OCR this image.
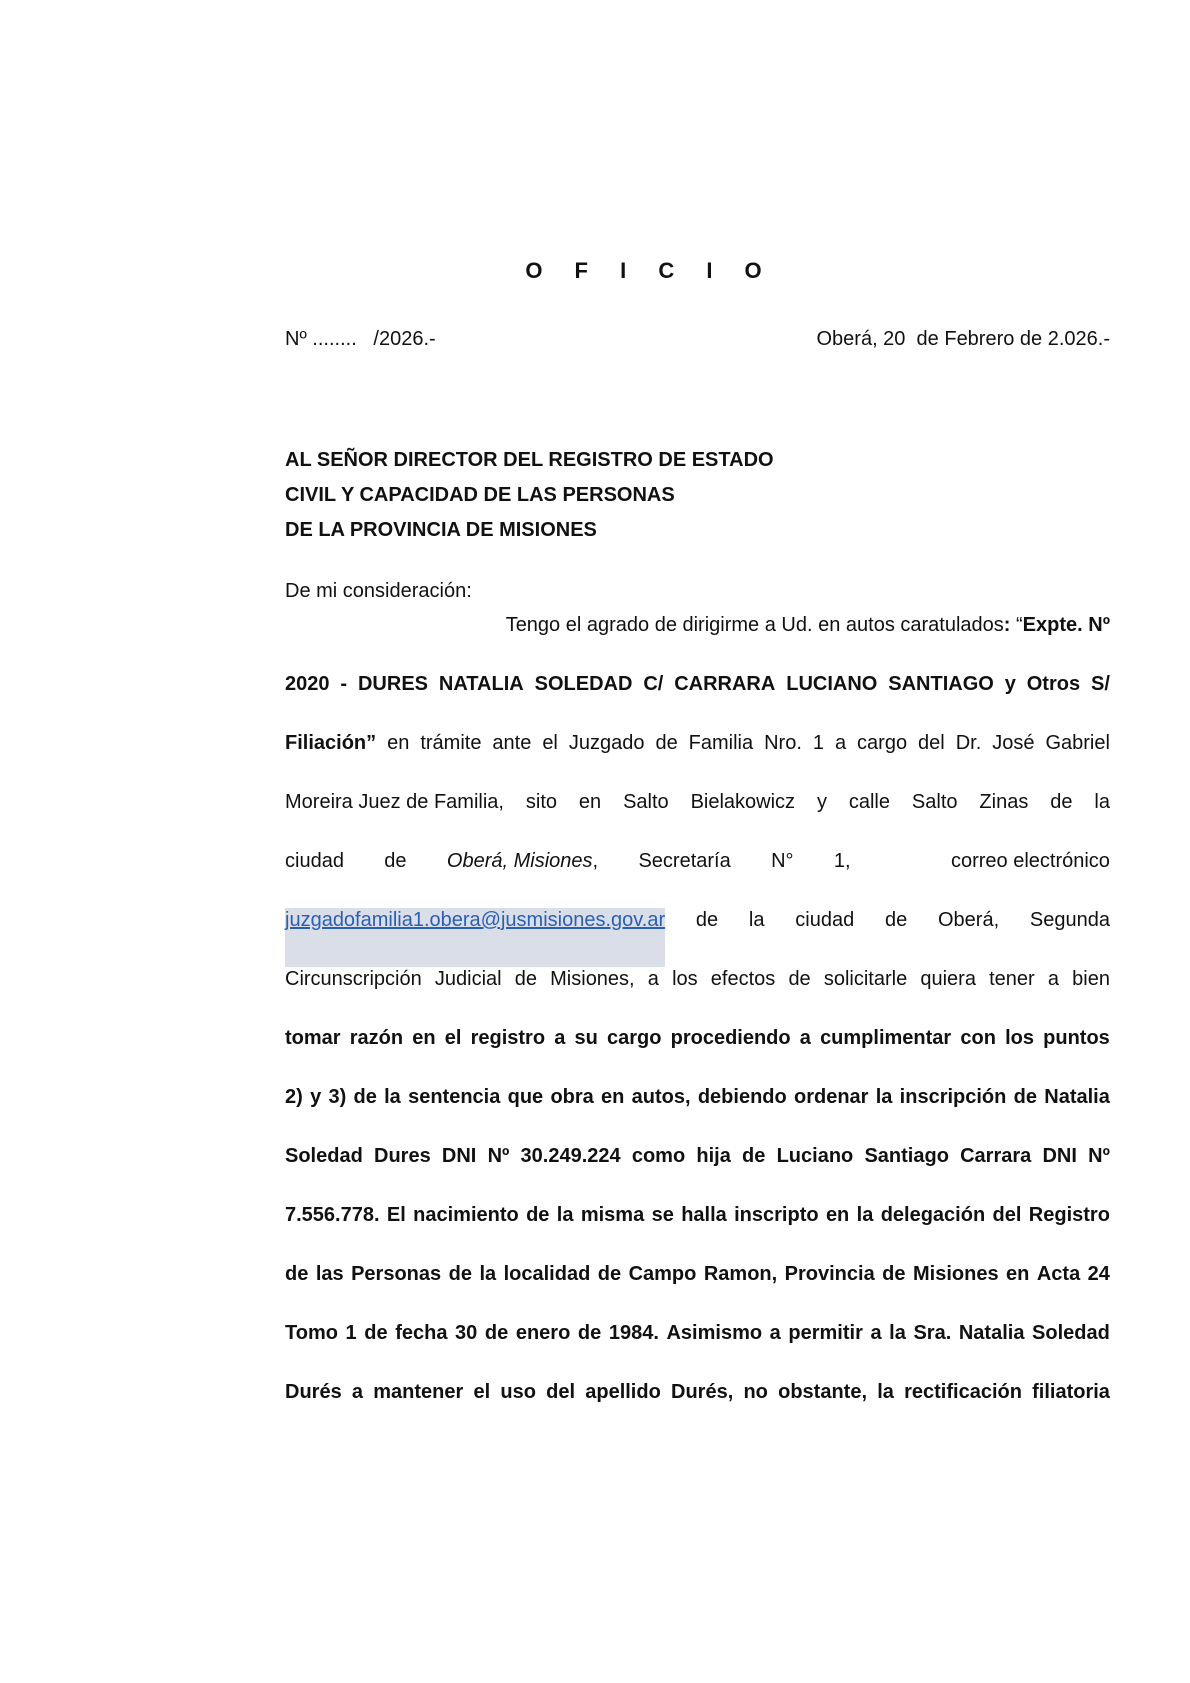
O F I C I O
Nº ........   /2026.-	Oberá, 20  de Febrero de 2.026.-
AL SEÑOR DIRECTOR DEL REGISTRO DE ESTADO
CIVIL Y CAPACIDAD DE LAS PERSONAS
DE LA PROVINCIA DE MISIONES
De mi consideración:
Tengo el agrado de dirigirme a Ud. en autos caratulados : “ Expte. Nº
2020 - DURES NATALIA SOLEDAD C/ CARRARA LUCIANO SANTIAGO y Otros S/
Filiación” en trámite ante el Juzgado de Familia Nro. 1 a cargo del Dr. José Gabriel
Moreira Juez de Familia, sito en Salto Bielakowicz y calle Salto Zinas de la
ciudad de Oberá, Misiones, Secretaría N° 1,	correo electrónico
juzgadofamilia1.obera@jusmisiones.gov.ar de la ciudad de Oberá, Segunda
Circunscripción Judicial de Misiones, a los efectos de solicitarle quiera tener a bien
tomar razón en el registro a su cargo procediendo a cumplimentar con los puntos
2) y 3) de la sentencia que obra en autos, debiendo ordenar la inscripción de Natalia
Soledad Dures DNI Nº 30.249.224 como hija de Luciano Santiago Carrara DNI Nº
7.556.778. El nacimiento de la misma se halla inscripto en la delegación del Registro
de las Personas de la localidad de Campo Ramon, Provincia de Misiones en Acta 24
Tomo 1 de fecha 30 de enero de 1984. Asimismo a permitir a la Sra. Natalia Soledad
Durés a mantener el uso del apellido Durés, no obstante, la rectificación filiatoria
